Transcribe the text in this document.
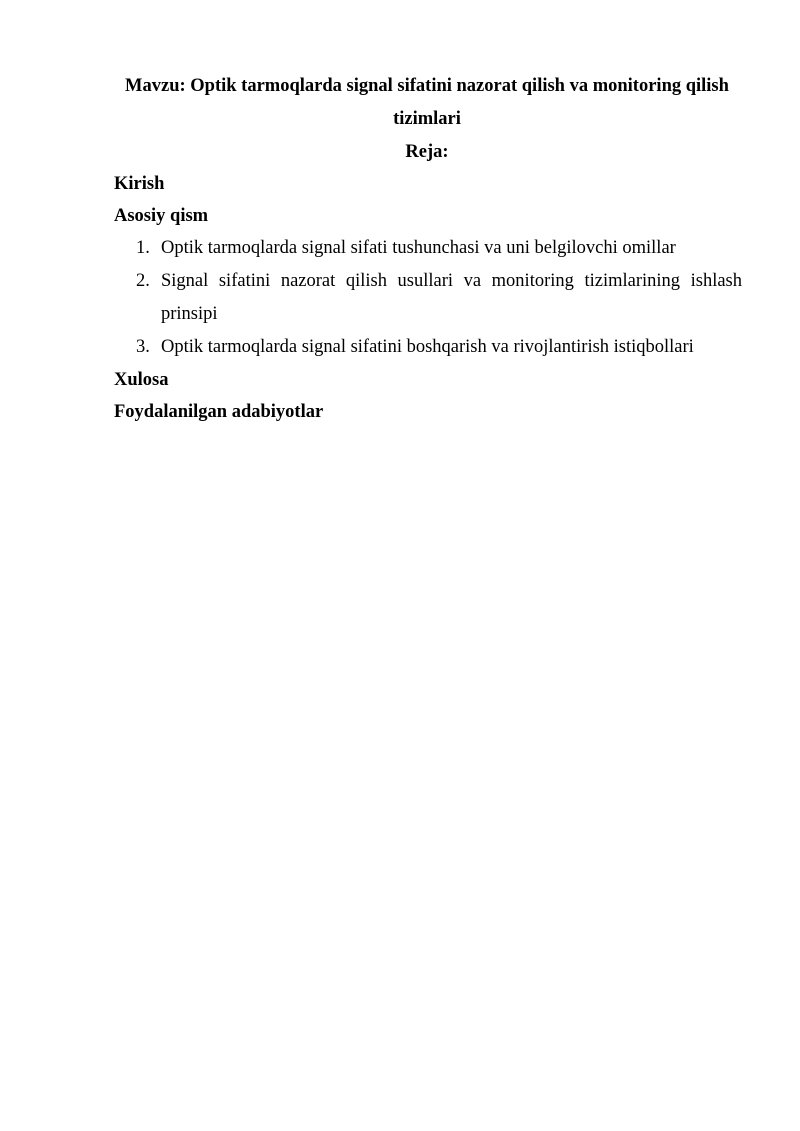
Mavzu: Optik tarmoqlarda signal sifatini nazorat qilish va monitoring qilish tizimlari
Reja:
Kirish
Asosiy qism
1. Optik tarmoqlarda signal sifati tushunchasi va uni belgilovchi omillar
2. Signal sifatini nazorat qilish usullari va monitoring tizimlarining ishlash
prinsipi
3. Optik tarmoqlarda signal sifatini boshqarish va rivojlantirish istiqbollari
Xulosa
Foydalanilgan adabiyotlar
